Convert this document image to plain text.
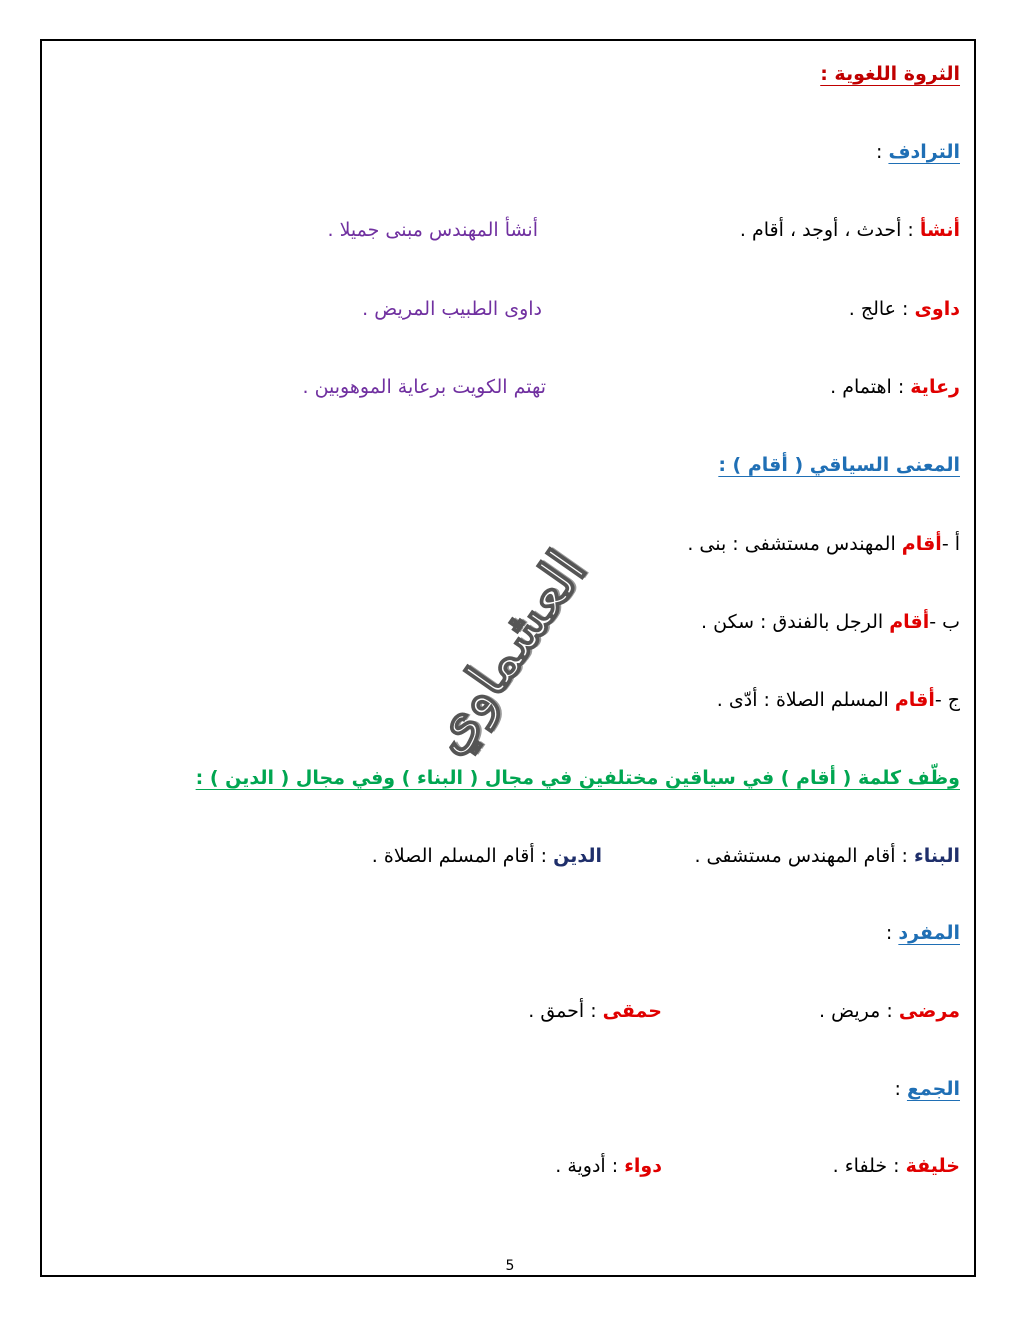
الثروة اللغوية :
الترادف :
أنشأ : أحدث ، أوجد ، أقام .
أنشأ المهندس مبنى جميلا .
داوى : عالج .
داوى الطبيب المريض .
رعاية : اهتمام .
تهتم الكويت برعاية الموهوبين .
المعنى السياقي ( أقام ) :
أ -أقام المهندس مستشفى : بنى .
ب -أقام الرجل بالفندق : سكن .
ج -أقام المسلم الصلاة : أدّى .
وظّف كلمة ( أقام ) في سياقين مختلفين في مجال ( البناء ) وفي مجال ( الدين ) :
البناء : أقام المهندس مستشفى .
الدين : أقام المسلم الصلاة .
المفرد :
مرضى : مريض .
حمقى : أحمق .
الجمع :
خليفة : خلفاء .
دواء : أدوية .
العشماوي
5
